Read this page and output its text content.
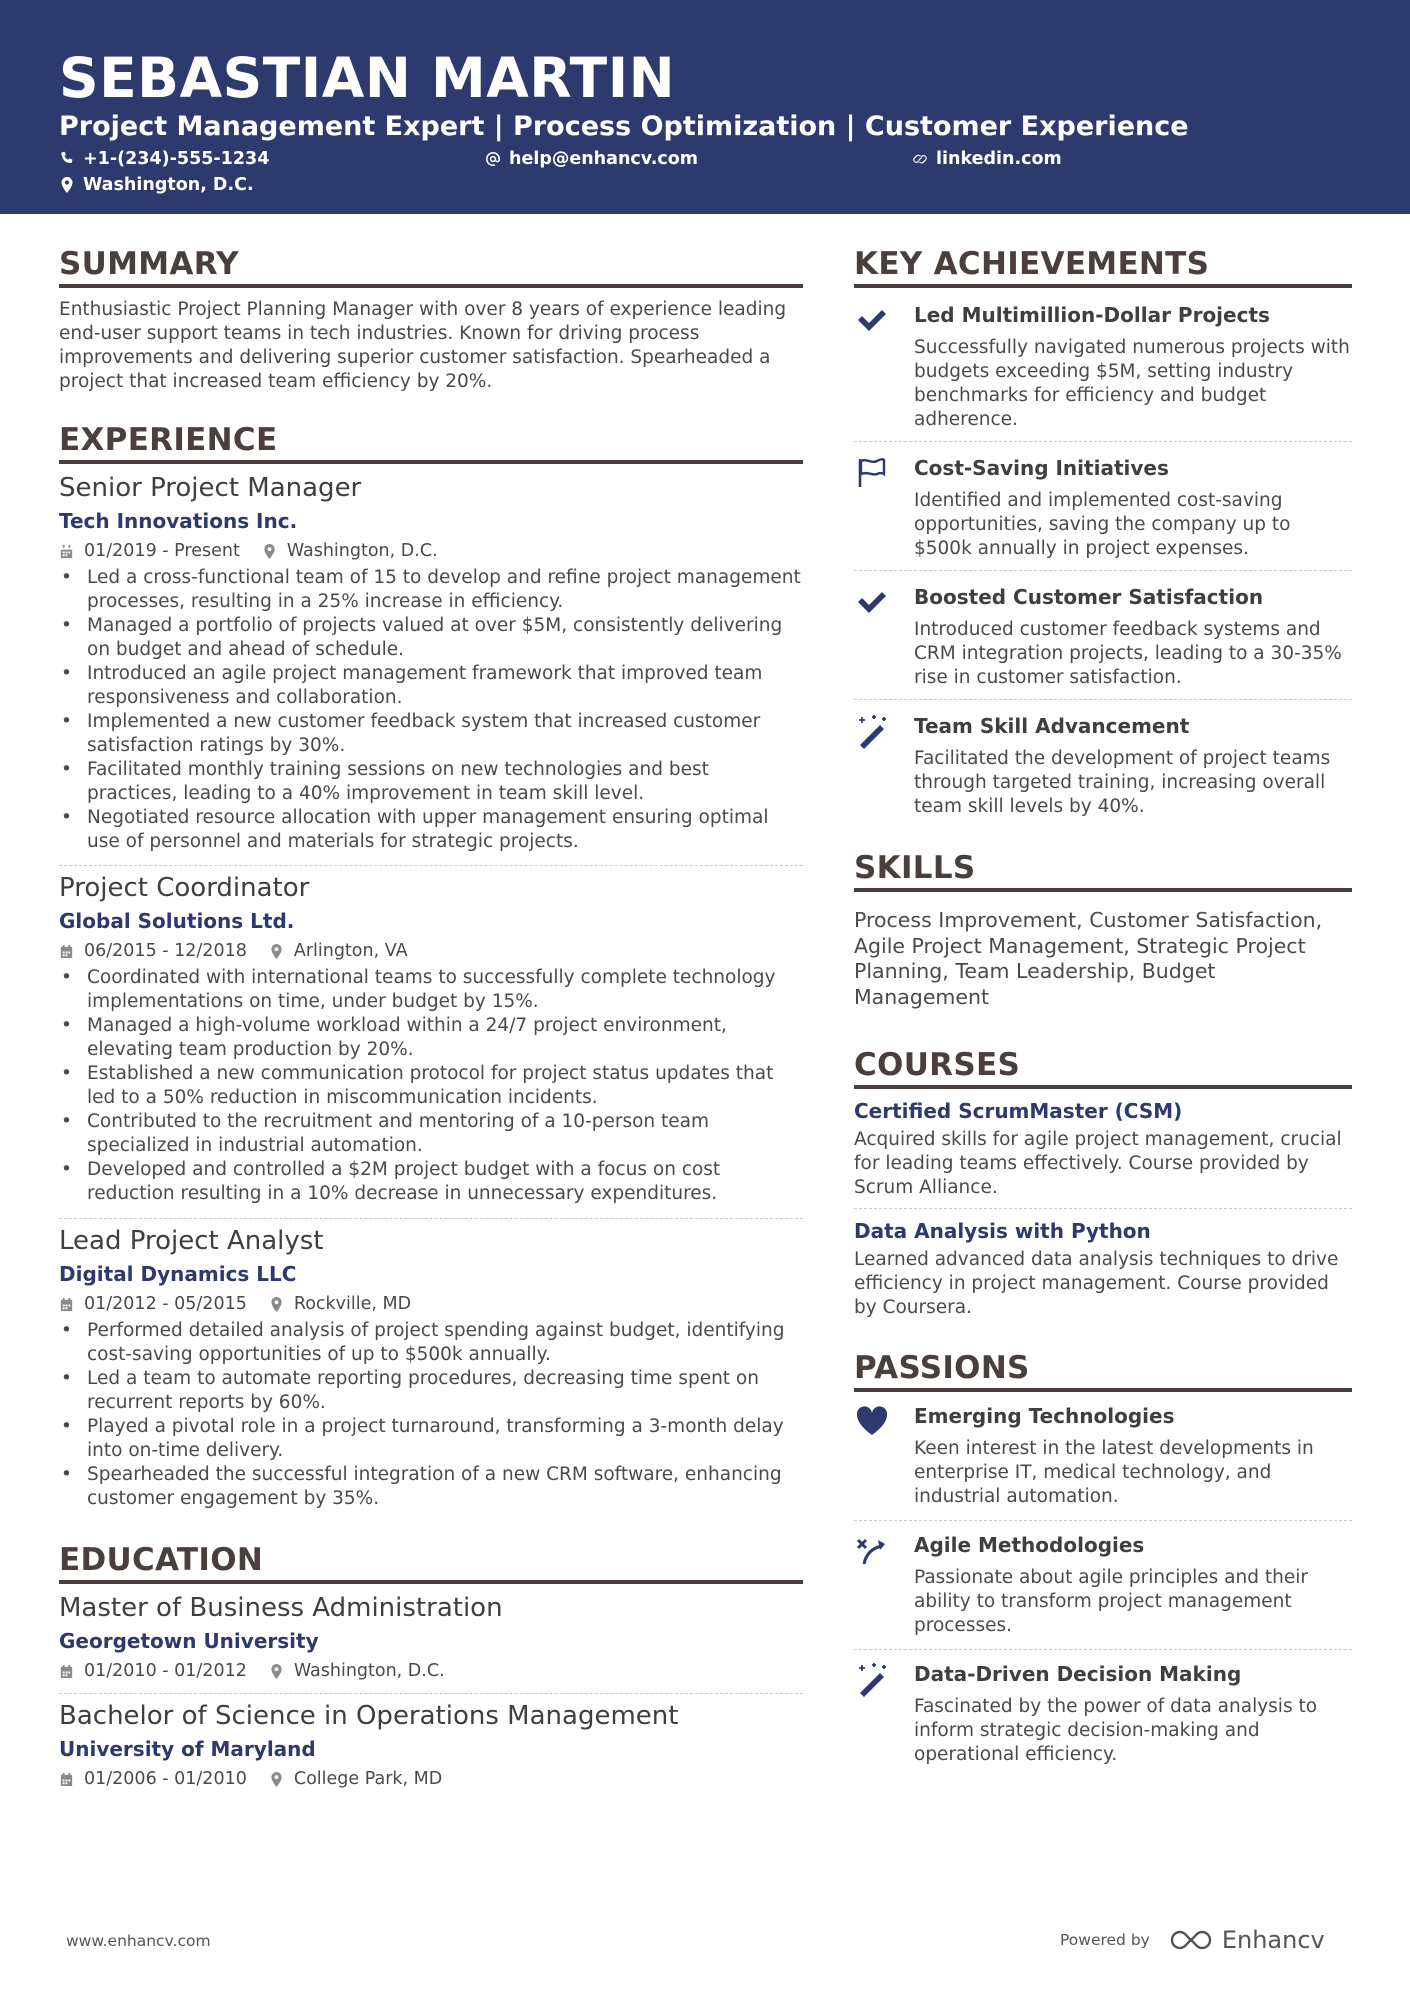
SEBASTIAN MARTIN
Project Management Expert | Process Optimization | Customer Experience
+1-(234)-555-1234	help@enhancv.com	linkedin.com
Washington, D.C.
SUMMARY
Enthusiastic Project Planning Manager with over 8 years of experience leading end-user support teams in tech industries. Known for driving process improvements and delivering superior customer satisfaction. Spearheaded a project that increased team efficiency by 20%.
EXPERIENCE
Senior Project Manager
Tech Innovations Inc.
01/2019 - Present	Washington, D.C.
• Led a cross-functional team of 15 to develop and refine project management processes, resulting in a 25% increase in efficiency.
• Managed a portfolio of projects valued at over $5M, consistently delivering on budget and ahead of schedule.
• Introduced an agile project management framework that improved team responsiveness and collaboration.
• Implemented a new customer feedback system that increased customer satisfaction ratings by 30%.
• Facilitated monthly training sessions on new technologies and best practices, leading to a 40% improvement in team skill level.
• Negotiated resource allocation with upper management ensuring optimal use of personnel and materials for strategic projects.
Project Coordinator
Global Solutions Ltd.
06/2015 - 12/2018	Arlington, VA
• Coordinated with international teams to successfully complete technology implementations on time, under budget by 15%.
• Managed a high-volume workload within a 24/7 project environment, elevating team production by 20%.
• Established a new communication protocol for project status updates that led to a 50% reduction in miscommunication incidents.
• Contributed to the recruitment and mentoring of a 10-person team specialized in industrial automation.
• Developed and controlled a $2M project budget with a focus on cost reduction resulting in a 10% decrease in unnecessary expenditures.
Lead Project Analyst
Digital Dynamics LLC
01/2012 - 05/2015	Rockville, MD
• Performed detailed analysis of project spending against budget, identifying cost-saving opportunities of up to $500k annually.
• Led a team to automate reporting procedures, decreasing time spent on recurrent reports by 60%.
• Played a pivotal role in a project turnaround, transforming a 3-month delay into on-time delivery.
• Spearheaded the successful integration of a new CRM software, enhancing customer engagement by 35%.
EDUCATION
Master of Business Administration
Georgetown University
01/2010 - 01/2012	Washington, D.C.
Bachelor of Science in Operations Management
University of Maryland
01/2006 - 01/2010	College Park, MD
KEY ACHIEVEMENTS
Led Multimillion-Dollar Projects
Successfully navigated numerous projects with budgets exceeding $5M, setting industry benchmarks for efficiency and budget adherence.
Cost-Saving Initiatives
Identified and implemented cost-saving opportunities, saving the company up to $500k annually in project expenses.
Boosted Customer Satisfaction
Introduced customer feedback systems and CRM integration projects, leading to a 30-35% rise in customer satisfaction.
Team Skill Advancement
Facilitated the development of project teams through targeted training, increasing overall team skill levels by 40%.
SKILLS
Process Improvement, Customer Satisfaction, Agile Project Management, Strategic Project Planning, Team Leadership, Budget Management
COURSES
Certified ScrumMaster (CSM)
Acquired skills for agile project management, crucial for leading teams effectively. Course provided by Scrum Alliance.
Data Analysis with Python
Learned advanced data analysis techniques to drive efficiency in project management. Course provided by Coursera.
PASSIONS
Emerging Technologies
Keen interest in the latest developments in enterprise IT, medical technology, and industrial automation.
Agile Methodologies
Passionate about agile principles and their ability to transform project management processes.
Data-Driven Decision Making
Fascinated by the power of data analysis to inform strategic decision-making and operational efficiency.
www.enhancv.com	Powered by	Enhancv
